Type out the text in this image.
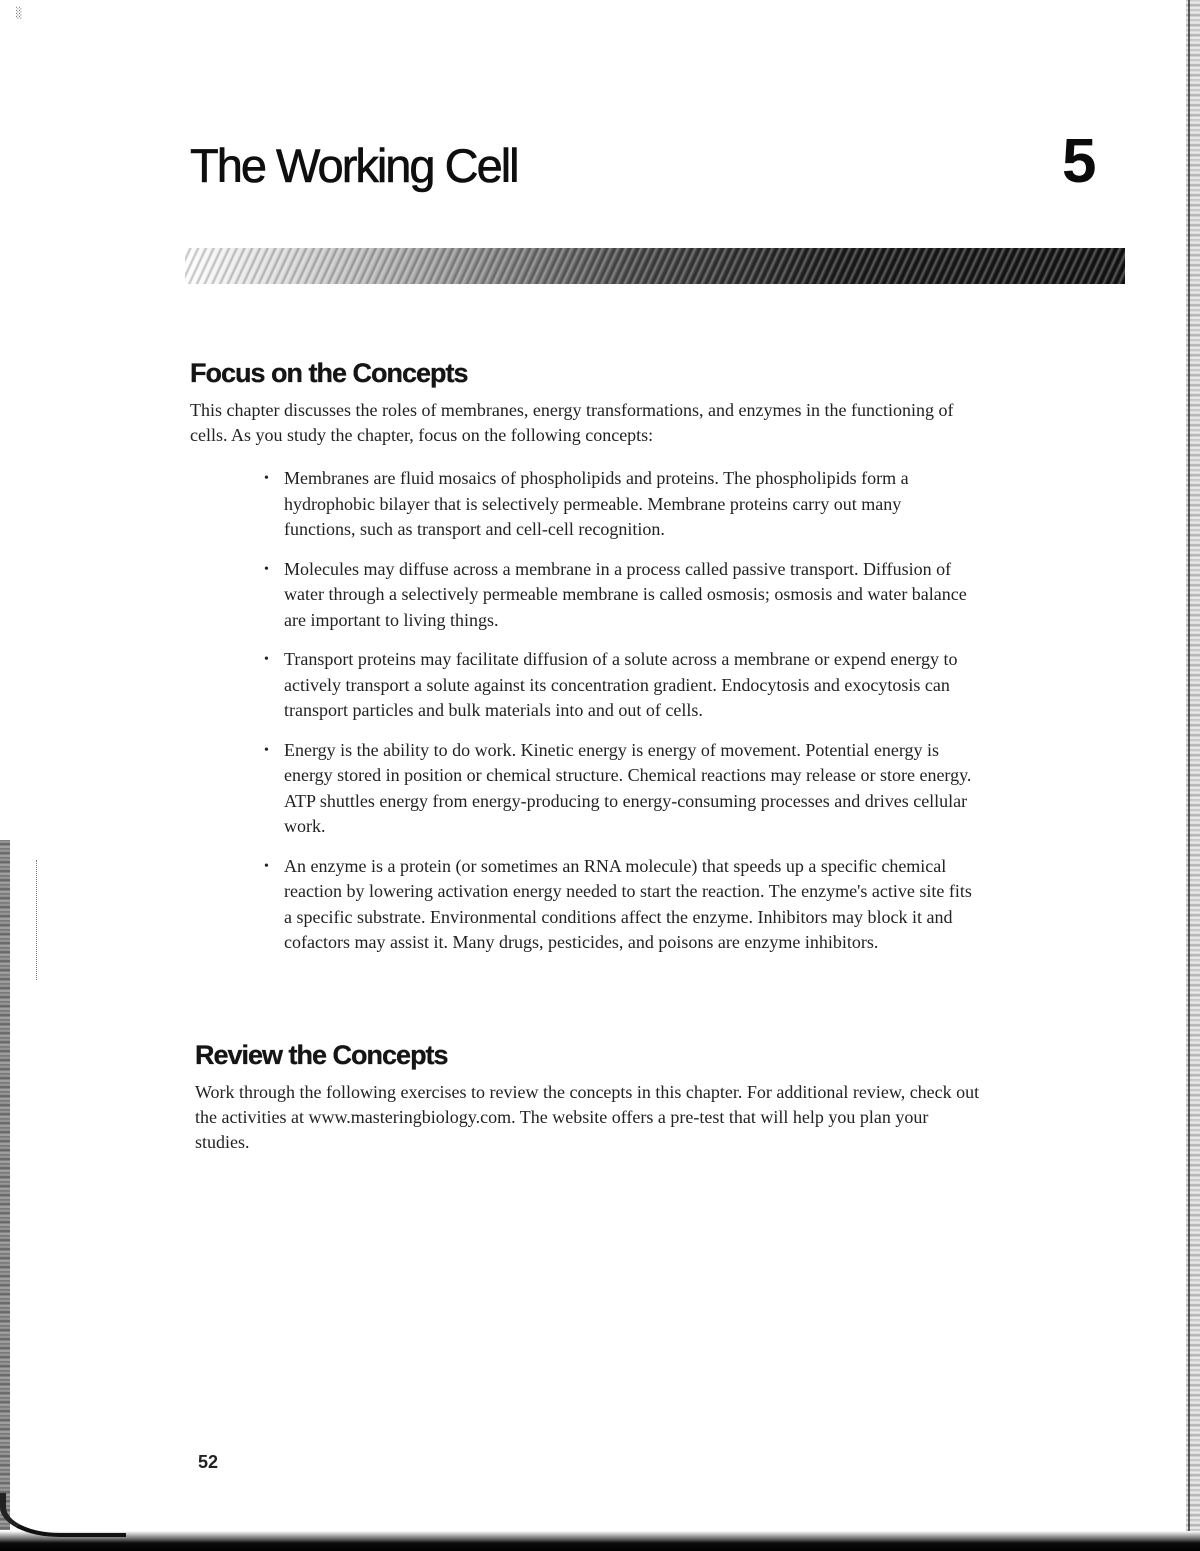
░
The Working Cell	5
Focus on the Concepts

This chapter discusses the roles of membranes, energy transformations, and enzymes in the functioning of cells. As you study the chapter, focus on the following concepts:

• Membranes are fluid mosaics of phospholipids and proteins. The phospholipids form a hydrophobic bilayer that is selectively permeable. Membrane proteins carry out many functions, such as transport and cell-cell recognition.
• Molecules may diffuse across a membrane in a process called passive transport. Diffusion of water through a selectively permeable membrane is called osmosis; osmosis and water balance are important to living things.
• Transport proteins may facilitate diffusion of a solute across a membrane or expend energy to actively transport a solute against its concentration gradient. Endocytosis and exocytosis can transport particles and bulk materials into and out of cells.
• Energy is the ability to do work. Kinetic energy is energy of movement. Potential energy is energy stored in position or chemical structure. Chemical reactions may release or store energy. ATP shuttles energy from energy-producing to energy-consuming processes and drives cellular work.
• An enzyme is a protein (or sometimes an RNA molecule) that speeds up a specific chemical reaction by lowering activation energy needed to start the reaction. The enzyme's active site fits a specific substrate. Environmental conditions affect the enzyme. Inhibitors may block it and cofactors may assist it. Many drugs, pesticides, and poisons are enzyme inhibitors.
Review the Concepts

Work through the following exercises to review the concepts in this chapter. For additional review, check out the activities at www.masteringbiology.com. The website offers a pre-test that will help you plan your studies.

52
